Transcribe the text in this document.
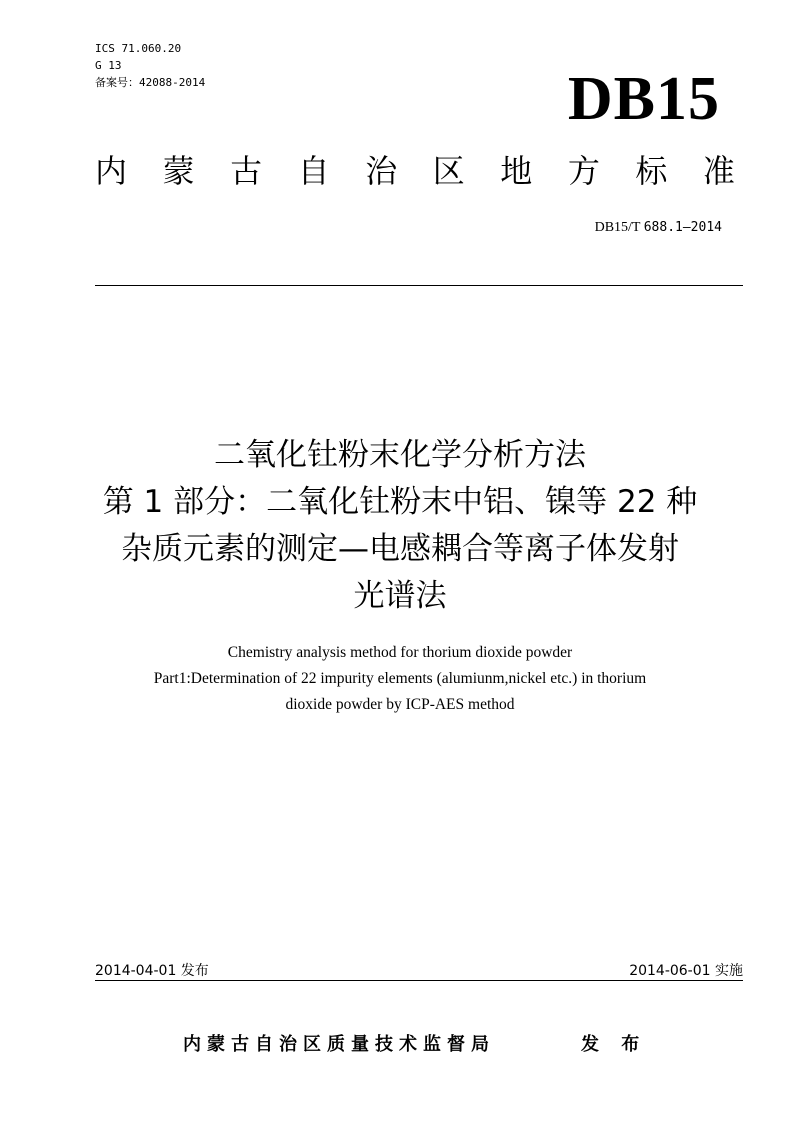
ICS 71.060.20
G 13
备案号：42088-2014	DB15
内 蒙 古 自 治 区 地 方 标 准
DB15/T 688.1—2014
二氧化钍粉末化学分析方法
第 1 部分：二氧化钍粉末中铝、镍等 22 种
杂质元素的测定—电感耦合等离子体发射
光谱法
Chemistry analysis method for thorium dioxide powder
Part1:Determination of 22 impurity elements (alumiunm,nickel etc.) in thorium
dioxide powder by ICP-AES method
2014-04-01 发布	2014-06-01 实施
内蒙古自治区质量技术监督局	发 布
